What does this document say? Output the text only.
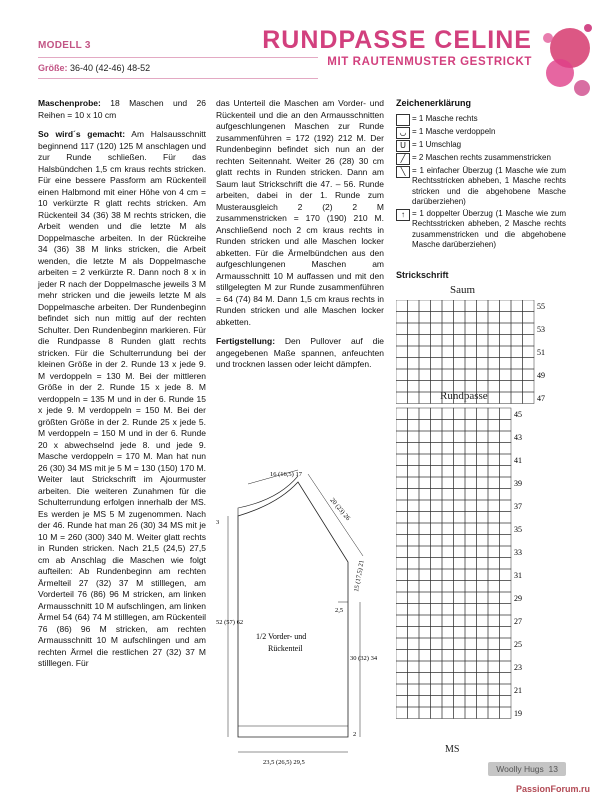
MODELL 3
Größe: 36-40 (42-46) 48-52
RUNDPASSE CELINE
MIT RAUTENMUSTER GESTRICKT

Maschenprobe: 18 Maschen und 26 Reihen = 10 x 10 cm

So wird´s gemacht: Am Halsausschnitt beginnend 117 (120) 125 M anschlagen und zur Runde schließen. Für das Halsbündchen 1,5 cm kraus rechts stricken. Für eine bessere Passform am Rückenteil einen Halbmond mit einer Höhe von 4 cm = 10 verkürzte R glatt rechts stricken. Am Rückenteil 34 (36) 38 M rechts stricken, die Arbeit wenden und die letzte M als Doppelmasche arbeiten. In der Rückreihe 34 (36) 38 M links stricken, die Arbeit wenden, die letzte M als Doppelmasche arbeiten = 2 verkürzte R. Dann noch 8 x in jeder R nach der Doppelmasche jeweils 3 M mehr stricken und die jeweils letzte M als Doppelmasche arbeiten. Der Rundenbeginn befindet sich nun mittig auf der rechten Schulter. Den Rundenbeginn markieren. Für die Rundpasse 8 Runden glatt rechts stricken. Für die Schulterrundung bei der kleinen Größe in der 2. Runde 13 x jede 9. M verdoppeln = 130 M. Bei der mittleren Größe in der 2. Runde 15 x jede 8. M verdoppeln = 135 M und in der 6. Runde 15 x jede 9. M verdoppeln = 150 M. Bei der größten Größe in der 2. Runde 25 x jede 5. M verdoppeln = 150 M und in der 6. Runde 20 x abwechselnd jede 8. und jede 9. Masche verdoppeln = 170 M. Man hat nun 26 (30) 34 MS mit je 5 M = 130 (150) 170 M. Weiter laut Strickschrift im Ajourmuster arbeiten. Die weiteren Zunahmen für die Schulterrundung erfolgen innerhalb der MS. Es werden je MS 5 M zugenommen. Nach der 46. Runde hat man 26 (30) 34 MS mit je 10 M = 260 (300) 340 M. Weiter glatt rechts in Runden stricken. Nach 21,5 (24,5) 27,5 cm ab Anschlag die Maschen wie folgt aufteilen: Ab Rundenbeginn am rechten Ärmelteil 27 (32) 37 M stilllegen, am Vorderteil 76 (86) 96 M stricken, am linken Armausschnitt 10 M aufschlingen, am linken Ärmel 54 (64) 74 M stilllegen, am Rückenteil 76 (86) 96 M stricken, am rechten Armausschnitt 10 M aufschlingen und am rechten Ärmel die restlichen 27 (32) 37 M stilllegen. Für

das Unterteil die Maschen am Vorder- und Rückenteil und die an den Armausschnitten aufgeschlungenen Maschen zur Runde zusammenführen = 172 (192) 212 M. Der Rundenbeginn befindet sich nun an der rechten Seitennaht. Weiter 26 (28) 30 cm glatt rechts in Runden stricken. Dann am Saum laut Strickschrift die 47. – 56. Runde arbeiten, dabei in der 1. Runde zum Musterausgleich 2 (2) 2 M zusammenstricken = 170 (190) 210 M. Anschließend noch 2 cm kraus rechts in Runden stricken und alle Maschen locker abketten. Für die Ärmelbündchen aus den aufgeschlungenen Maschen am Armausschnitt 10 M auffassen und mit den stillgelegten M zur Runde zusammenführen = 64 (74) 84 M. Dann 1,5 cm kraus rechts in Runden stricken und alle Maschen locker abketten.

Fertigstellung: Den Pullover auf die angegebenen Maße spannen, anfeuchten und trocknen lassen oder leicht dämpfen.

Zeichenerklärung
= 1 Masche rechts
◡ = 1 Masche verdoppeln
U = 1 Umschlag
╱ = 2 Maschen rechts zusammenstricken
╲ = 1 einfacher Überzug (1 Masche wie zum Rechtsstricken abheben, 1 Masche rechts stricken und die abgehobene Masche darüberziehen)
↑ = 1 doppelter Überzug (1 Masche wie zum Rechtsstricken abheben, 2 Masche rechts zusammenstricken und die abgehobene Masche darüberziehen)
Strickschrift
Saum
Rundpasse
MS
55
53
51
49
47
45
43
41
39
37
35
33
31
29
27
25
23
21
19
16 (16,5) 17
20 (23) 26
3
15 (17,5) 21
2,5
52 (57) 62
30 (32) 34
2
23,5 (26,5) 29,5
1/2 Vorder- und
Rückenteil
Woolly Hugs 13
PassionForum.ru
